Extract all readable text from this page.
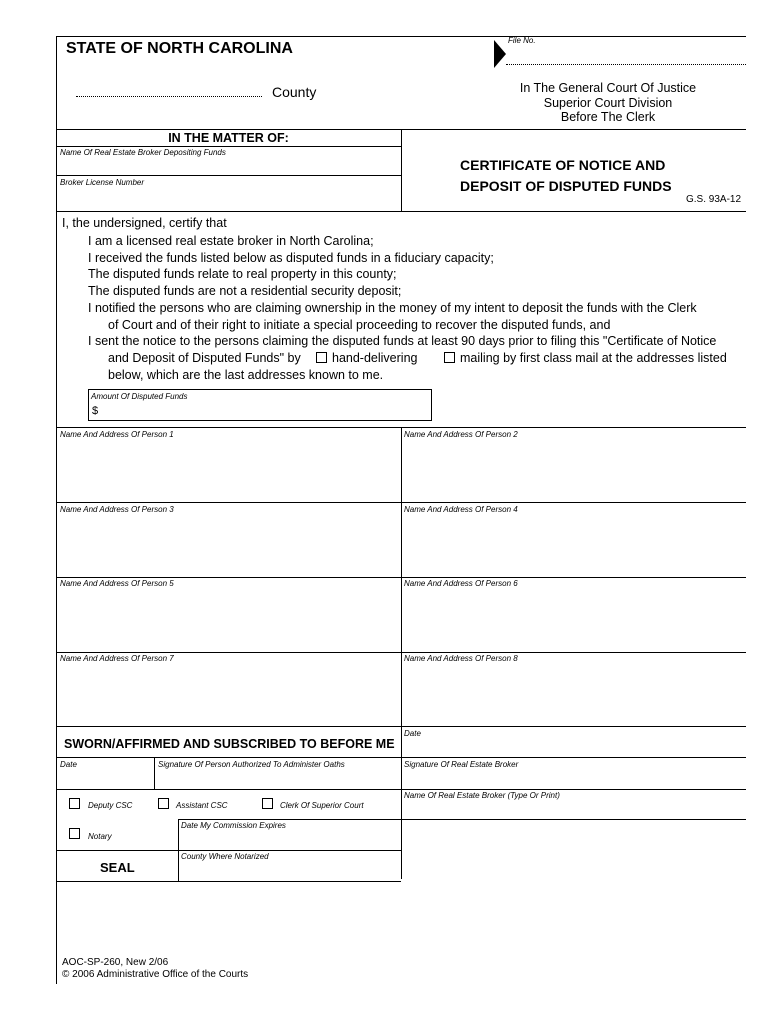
STATE OF NORTH CAROLINA	File No.
County	In The General Court Of Justice
Superior Court Division
Before The Clerk
IN THE MATTER OF:
Name Of Real Estate Broker Depositing Funds
Broker License Number
CERTIFICATE OF NOTICE AND
DEPOSIT OF DISPUTED FUNDS
G.S. 93A-12
I, the undersigned, certify that
I am a licensed real estate broker in North Carolina;
I received the funds listed below as disputed funds in a fiduciary capacity;
The disputed funds relate to real property in this county;
The disputed funds are not a residential security deposit;
I notified the persons who are claiming ownership in the money of my intent to deposit the funds with the Clerk
of Court and of their right to initiate a special proceeding to recover the disputed funds, and
I sent the notice to the persons claiming the disputed funds at least 90 days prior to filing this "Certificate of Notice
and Deposit of Disputed Funds" by	hand-delivering	mailing by first class mail at the addresses listed
below, which are the last addresses known to me.
Amount Of Disputed Funds
$
Name And Address Of Person 1	Name And Address Of Person 2
Name And Address Of Person 3	Name And Address Of Person 4
Name And Address Of Person 5	Name And Address Of Person 6
Name And Address Of Person 7	Name And Address Of Person 8
Date
SWORN/AFFIRMED AND SUBSCRIBED TO BEFORE ME
Date	Signature Of Person Authorized To Administer Oaths	Signature Of Real Estate Broker
Name Of Real Estate Broker (Type Or Print)
Deputy CSC	Assistant CSC	Clerk Of Superior Court
Date My Commission Expires
Notary
County Where Notarized
SEAL
AOC-SP-260, New 2/06
© 2006 Administrative Office of the Courts
